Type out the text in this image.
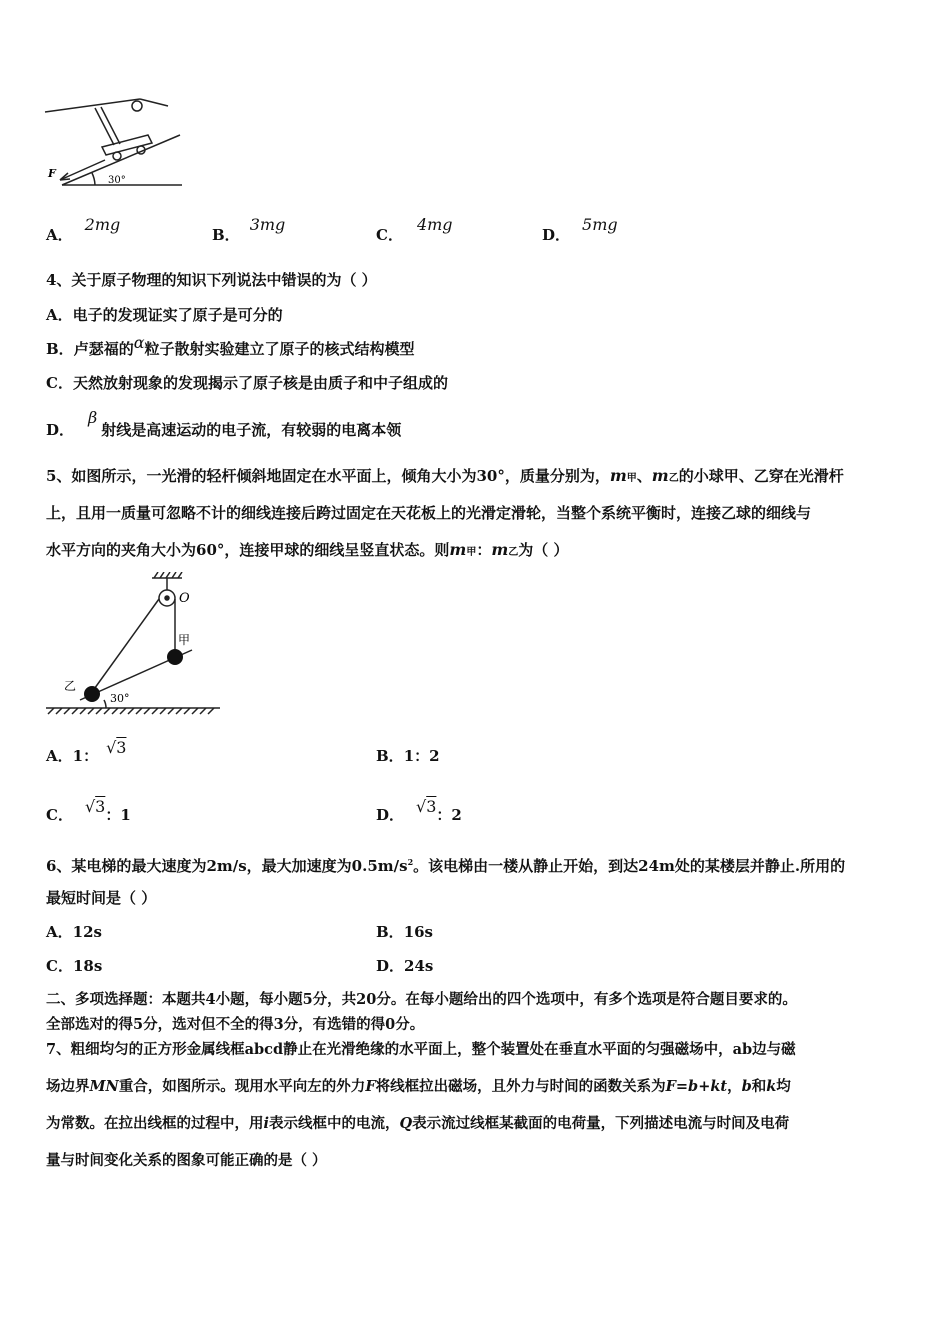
F
30°
A．2mg
B．3mg
C．4mg
D．5mg
4、关于原子物理的知识下列说法中错误的为（ ）
A．电子的发现证实了原子是可分的
B．卢瑟福的α粒子散射实验建立了原子的核式结构模型
C．天然放射现象的发现揭示了原子核是由质子和中子组成的
D．β射线是高速运动的电子流，有较弱的电离本领
5、如图所示，一光滑的轻杆倾斜地固定在水平面上，倾角大小为30°，质量分别为，m甲、m乙的小球甲、乙穿在光滑杆
上，且用一质量可忽略不计的细线连接后跨过固定在天花板上的光滑定滑轮，当整个系统平衡时，连接乙球的细线与
水平方向的夹角大小为60°，连接甲球的细线呈竖直状态。则m甲：m乙为（ ）
O
甲
乙
30°
A．1： √3	B．1：2
C． √3：1	D． √3：2
6、某电梯的最大速度为2m/s，最大加速度为$0.5m/s^2$。该电梯由一楼从静止开始，到达24m处的某楼层并静止.所用的
最短时间是（ ）
A．12s	B．16s
C．18s	D．24s
二、多项选择题：本题共4小题，每小题5分，共20分。在每小题给出的四个选项中，有多个选项是符合题目要求的。
全部选对的得5分，选对但不全的得3分，有选错的得0分。
7、粗细均匀的正方形金属线框abcd静止在光滑绝缘的水平面上，整个装置处在垂直水平面的匀强磁场中，ab边与磁
场边界MN重合，如图所示。现用水平向左的外力F将线框拉出磁场，且外力与时间的函数关系为F=b+kt，b和k均
为常数。在拉出线框的过程中，用i表示线框中的电流，Q表示流过线框某截面的电荷量，下列描述电流与时间及电荷
量与时间变化关系的图象可能正确的是（ ）
